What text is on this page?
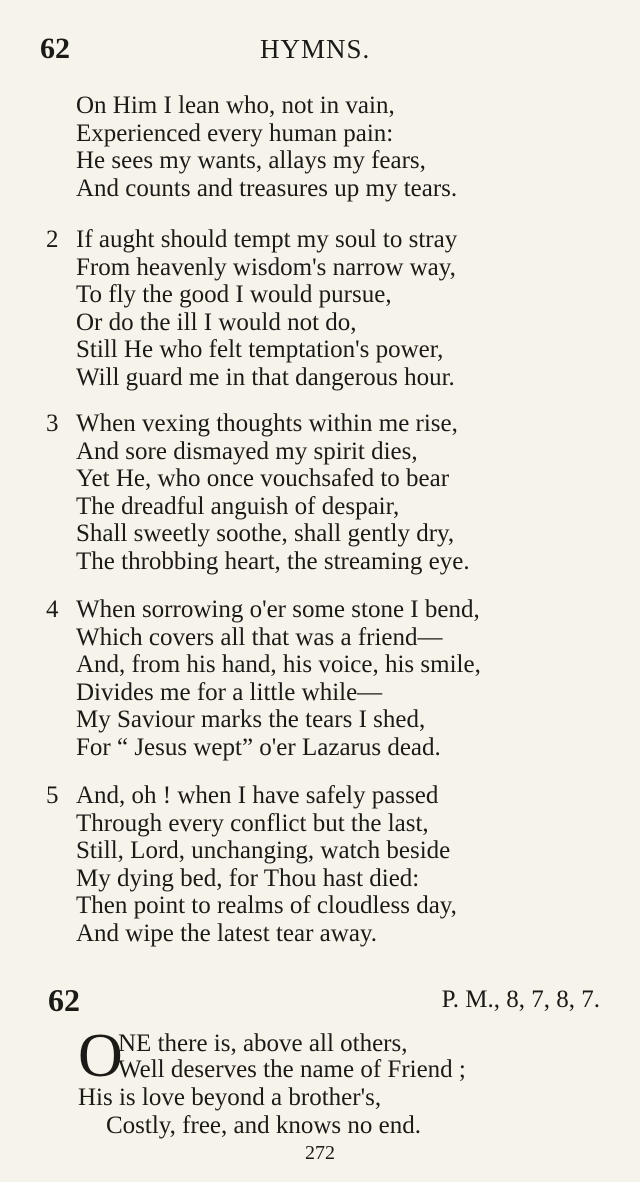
62	HYMNS.
On Him I lean who, not in vain,
Experienced every human pain:
He sees my wants, allays my fears,
And counts and treasures up my tears.
2 If aught should tempt my soul to stray
From heavenly wisdom's narrow way,
To fly the good I would pursue,
Or do the ill I would not do,
Still He who felt temptation's power,
Will guard me in that dangerous hour.
3 When vexing thoughts within me rise,
And sore dismayed my spirit dies,
Yet He, who once vouchsafed to bear
The dreadful anguish of despair,
Shall sweetly soothe, shall gently dry,
The throbbing heart, the streaming eye.
4 When sorrowing o'er some stone I bend,
Which covers all that was a friend—
And, from his hand, his voice, his smile,
Divides me for a little while—
My Saviour marks the tears I shed,
For “ Jesus wept” o'er Lazarus dead.
5 And, oh ! when I have safely passed
Through every conflict but the last,
Still, Lord, unchanging, watch beside
My dying bed, for Thou hast died:
Then point to realms of cloudless day,
And wipe the latest tear away.
62	P. M., 8, 7, 8, 7.
O
NE there is, above all others,
Well deserves the name of Friend ;
His is love beyond a brother's,
Costly, free, and knows no end.
272
